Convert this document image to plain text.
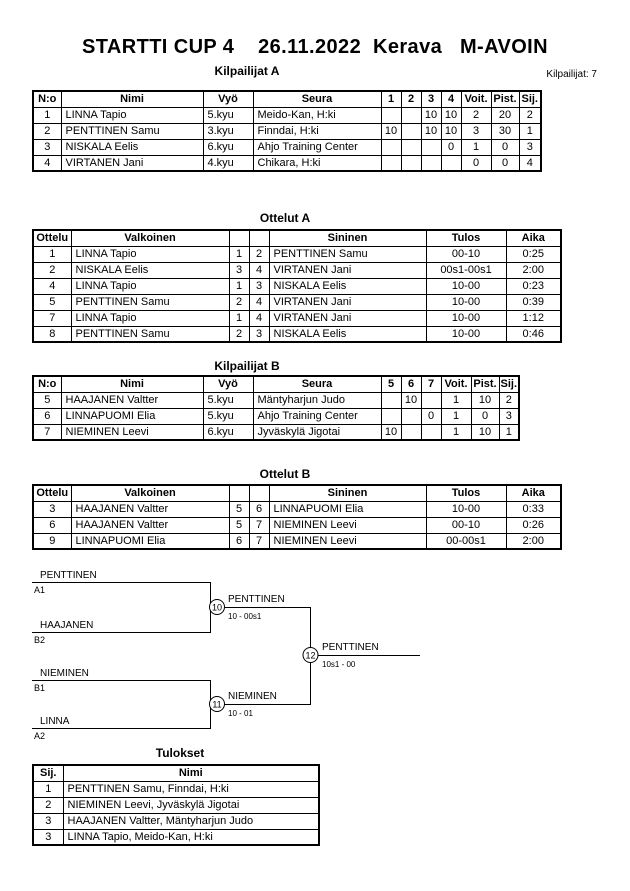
STARTTI CUP 4    26.11.2022  Kerava   M-AVOIN
Kilpailijat: 7
Kilpailijat A
N:o	Nimi	Vyö	Seura	1	2	3	4	Voit.	Pist.	Sij.
1	LINNA Tapio	5.kyu	Meido-Kan, H:ki			10	10	2	20	2
2	PENTTINEN Samu	3.kyu	Finndai, H:ki	10		10	10	3	30	1
3	NISKALA Eelis	6.kyu	Ahjo Training Center				0	1	0	3
4	VIRTANEN Jani	4.kyu	Chikara, H:ki					0	0	4
Ottelut A
Ottelu	Valkoinen			Sininen	Tulos	Aika
1	LINNA Tapio	1	2	PENTTINEN Samu	00-10	0:25
2	NISKALA Eelis	3	4	VIRTANEN Jani	00s1-00s1	2:00
4	LINNA Tapio	1	3	NISKALA Eelis	10-00	0:23
5	PENTTINEN Samu	2	4	VIRTANEN Jani	10-00	0:39
7	LINNA Tapio	1	4	VIRTANEN Jani	10-00	1:12
8	PENTTINEN Samu	2	3	NISKALA Eelis	10-00	0:46
Kilpailijat B
N:o	Nimi	Vyö	Seura	5	6	7	Voit.	Pist.	Sij.
5	HAAJANEN Valtter	5.kyu	Mäntyharjun Judo		10		1	10	2
6	LINNAPUOMI Elia	5.kyu	Ahjo Training Center			0	1	0	3
7	NIEMINEN Leevi	6.kyu	Jyväskylä Jigotai	10			1	10	1
Ottelut B
Ottelu	Valkoinen			Sininen	Tulos	Aika
3	HAAJANEN Valtter	5	6	LINNAPUOMI Elia	10-00	0:33
6	HAAJANEN Valtter	5	7	NIEMINEN Leevi	00-10	0:26
9	LINNAPUOMI Elia	6	7	NIEMINEN Leevi	00-00s1	2:00
PENTTINEN
A1
HAAJANEN
B2
NIEMINEN
B1
LINNA
A2
10
PENTTINEN
10 - 00s1
11
NIEMINEN
10 - 01
12
PENTTINEN
10s1 - 00
Tulokset
Sij.	Nimi
1	PENTTINEN Samu, Finndai, H:ki
2	NIEMINEN Leevi, Jyväskylä Jigotai
3	HAAJANEN Valtter, Mäntyharjun Judo
3	LINNA Tapio, Meido-Kan, H:ki
